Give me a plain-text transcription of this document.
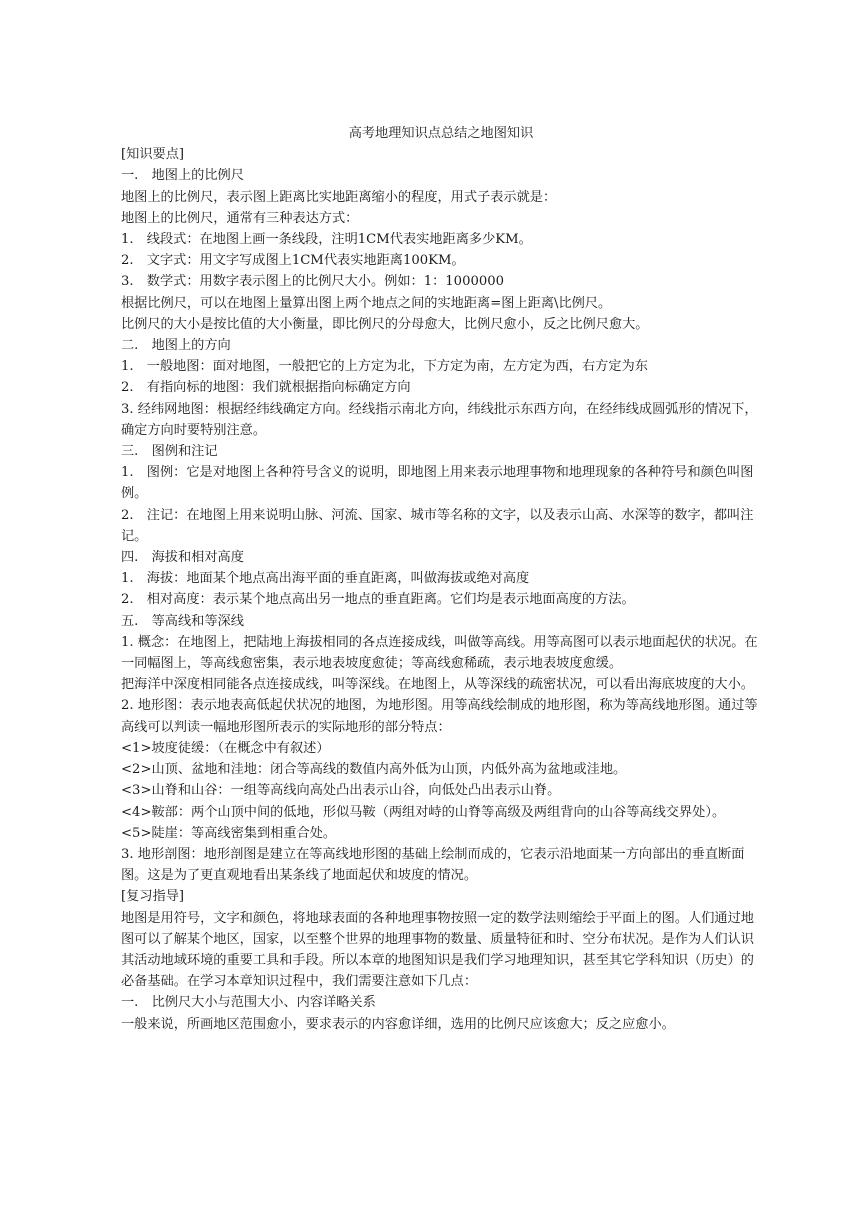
高考地理知识点总结之地图知识

[知识要点]

一.　地图上的比例尺

地图上的比例尺，表示图上距离比实地距离缩小的程度，用式子表示就是：

地图上的比例尺，通常有三种表达方式：

1.　线段式：在地图上画一条线段，注明1CM代表实地距离多少KM。

2.　文字式：用文字写成图上1CM代表实地距离100KM。

3.　数学式：用数字表示图上的比例尺大小。例如：1：1000000

根据比例尺，可以在地图上量算出图上两个地点之间的实地距离=图上距离\比例尺。

比例尺的大小是按比值的大小衡量，即比例尺的分母愈大，比例尺愈小，反之比例尺愈大。

二.　地图上的方向

1.　一般地图：面对地图，一般把它的上方定为北，下方定为南，左方定为西，右方定为东

2.　有指向标的地图：我们就根据指向标确定方向

3. 经纬网地图：根据经纬线确定方向。经线指示南北方向，纬线批示东西方向，在经纬线成圆弧形的情况下，确定方向时要特别注意。

三.　图例和注记

1.　图例：它是对地图上各种符号含义的说明，即地图上用来表示地理事物和地理现象的各种符号和颜色叫图例。

2.　注记：在地图上用来说明山脉、河流、国家、城市等名称的文字，以及表示山高、水深等的数字，都叫注记。

四.　海拔和相对高度

1.　海拔：地面某个地点高出海平面的垂直距离，叫做海拔或绝对高度

2.　相对高度：表示某个地点高出另一地点的垂直距离。它们均是表示地面高度的方法。

五.　等高线和等深线

1. 概念：在地图上，把陆地上海拔相同的各点连接成线，叫做等高线。用等高图可以表示地面起伏的状况。在一同幅图上，等高线愈密集，表示地表坡度愈徒；等高线愈稀疏，表示地表坡度愈缓。

把海洋中深度相同能各点连接成线，叫等深线。在地图上，从等深线的疏密状况，可以看出海底坡度的大小。

2. 地形图：表示地表高低起伏状况的地图，为地形图。用等高线绘制成的地形图，称为等高线地形图。通过等高线可以判读一幅地形图所表示的实际地形的部分特点：

<1>坡度徒缓：（在概念中有叙述）

<2>山顶、盆地和洼地：闭合等高线的数值内高外低为山顶，内低外高为盆地或洼地。

<3>山脊和山谷：一组等高线向高处凸出表示山谷，向低处凸出表示山脊。

<4>鞍部：两个山顶中间的低地，形似马鞍（两组对峙的山脊等高级及两组背向的山谷等高线交界处）。

<5>陡崖：等高线密集到相重合处。

3. 地形剖图：地形剖图是建立在等高线地形图的基础上绘制而成的，它表示沿地面某一方向部出的垂直断面图。这是为了更直观地看出某条线了地面起伏和坡度的情况。

[复习指导]

地图是用符号，文字和颜色，将地球表面的各种地理事物按照一定的数学法则缩绘于平面上的图。人们通过地图可以了解某个地区，国家，以至整个世界的地理事物的数量、质量特征和时、空分布状况。是作为人们认识其活动地域环境的重要工具和手段。所以本章的地图知识是我们学习地理知识，甚至其它学科知识（历史）的必备基础。在学习本章知识过程中，我们需要注意如下几点：

一.　比例尺大小与范围大小、内容详略关系

一般来说，所画地区范围愈小，要求表示的内容愈详细，选用的比例尺应该愈大；反之应愈小。
